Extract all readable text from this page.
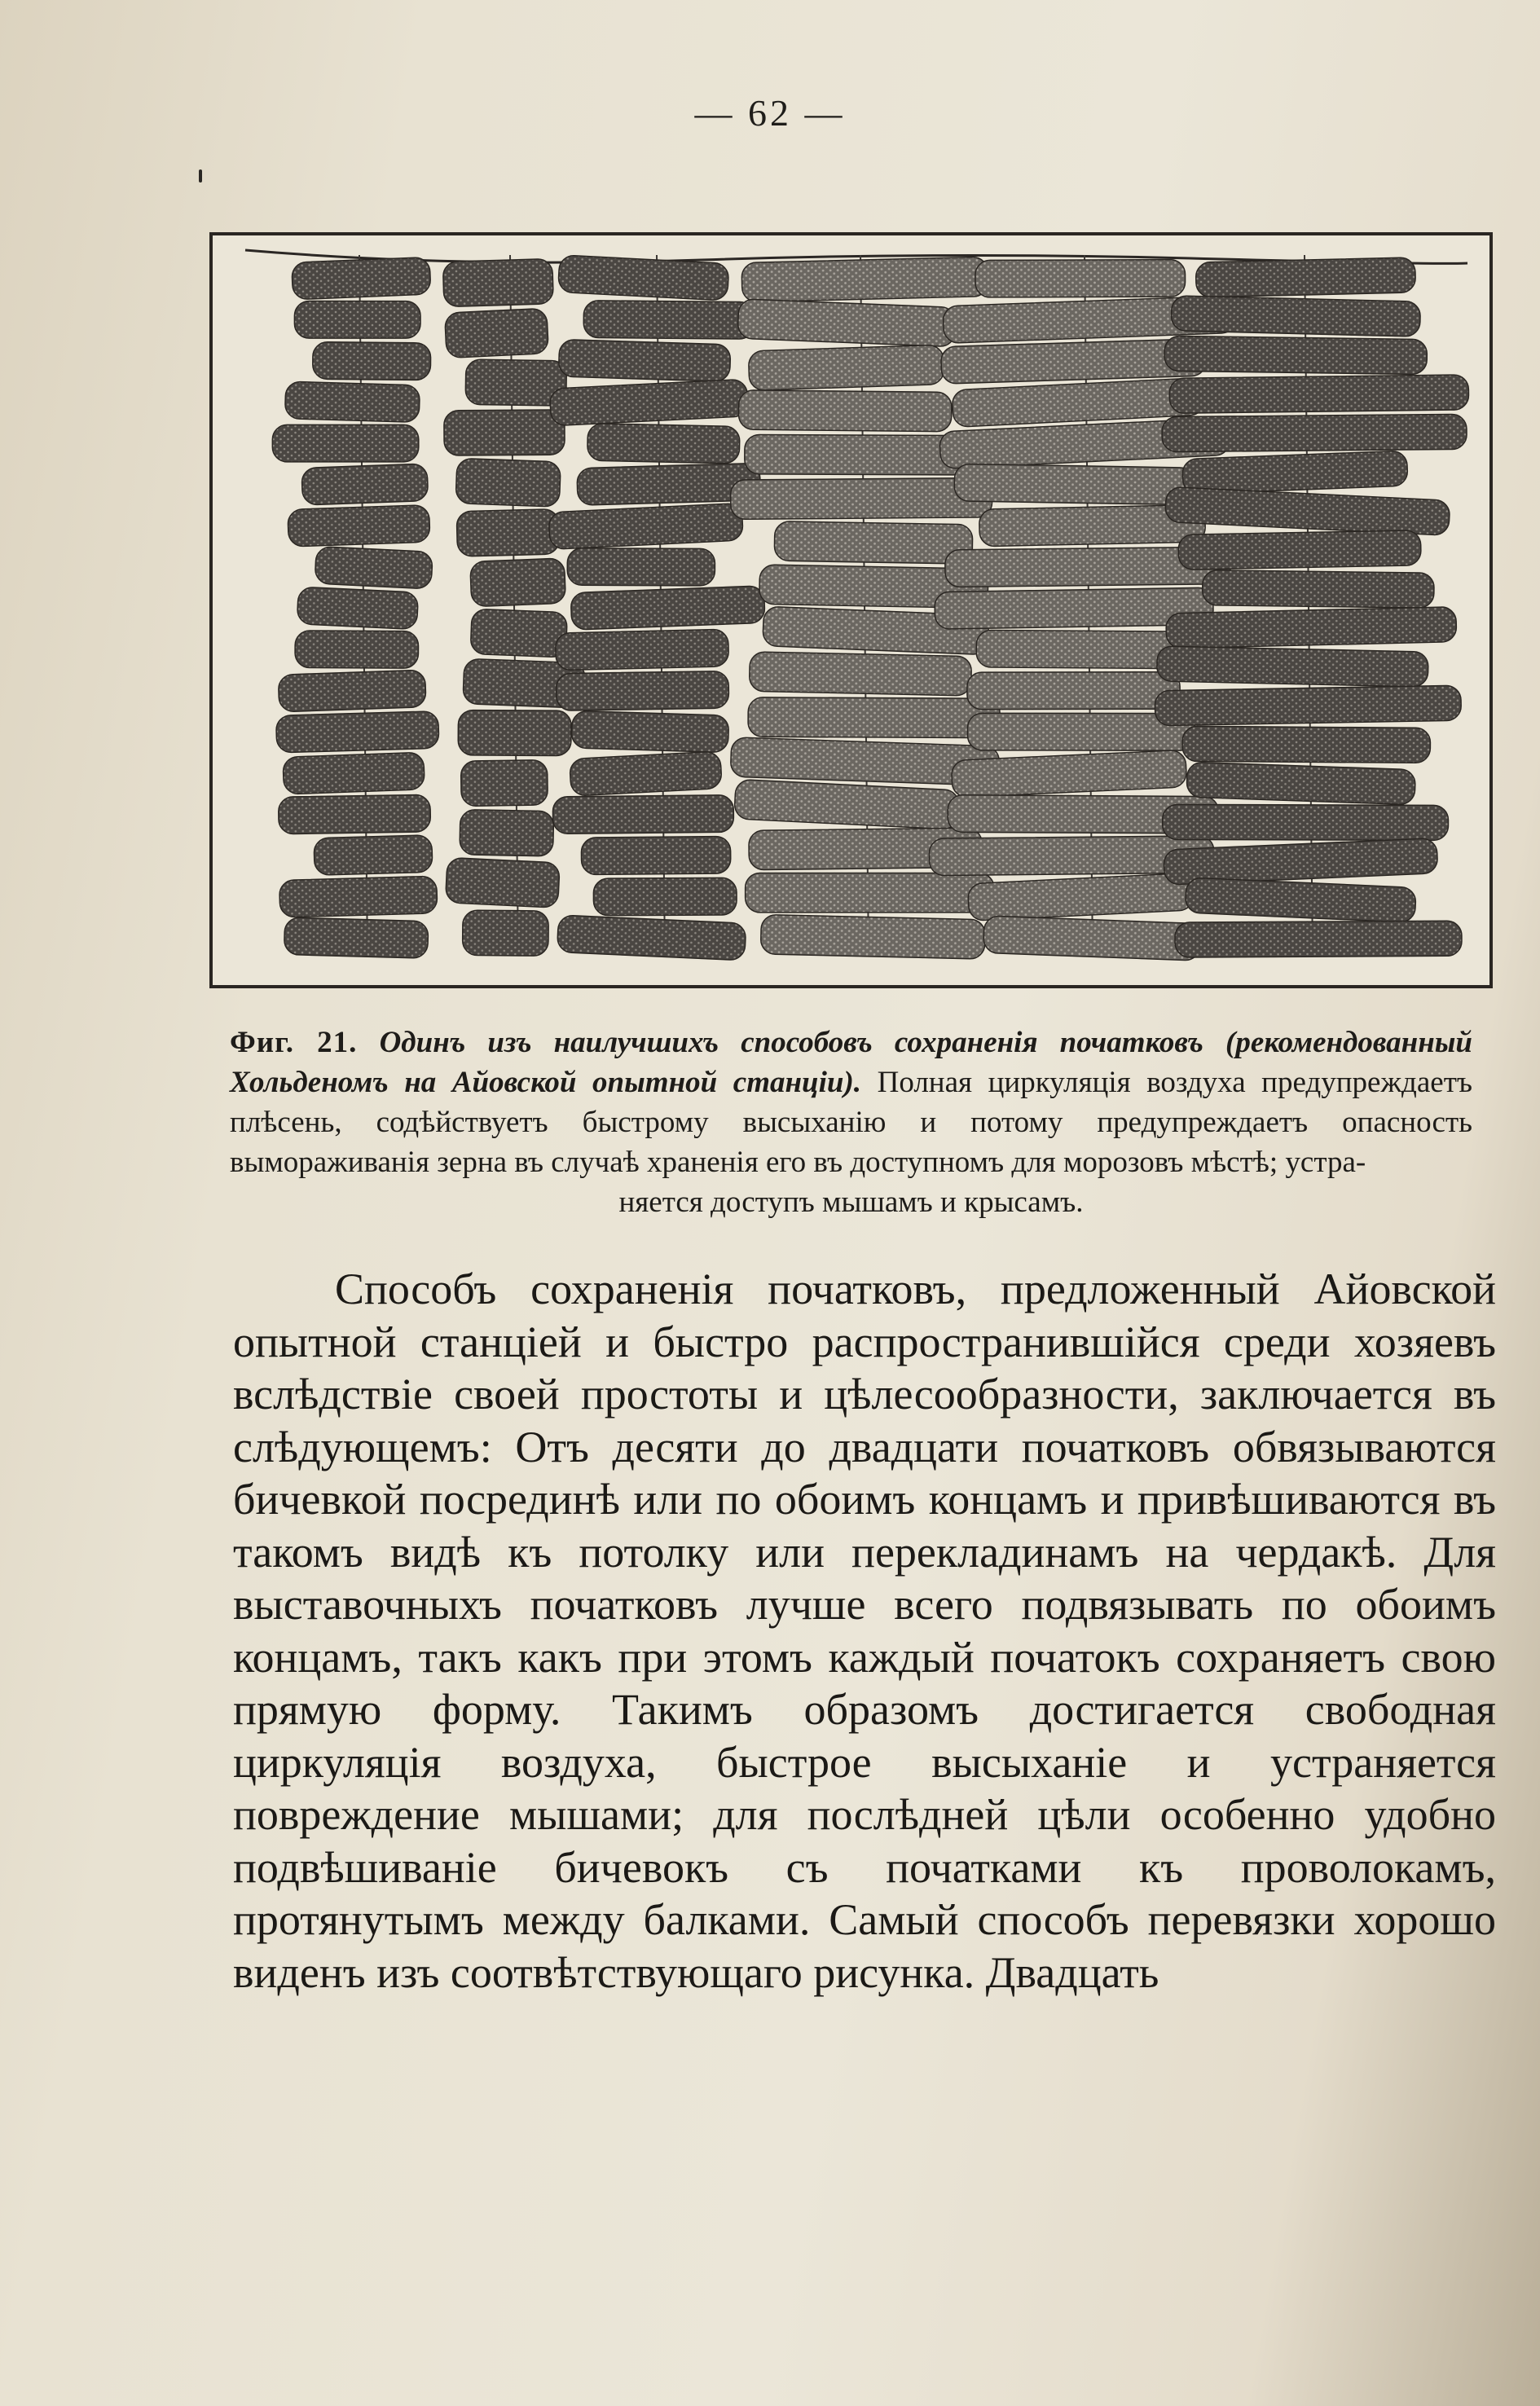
— 62 —
Фиг. 21. Одинъ изъ наилучшихъ способовъ сохраненія початковъ (рекомендованный Хольденомъ на Айовской опытной станціи). Полная циркуляція воздуха предупреждаетъ плѣсень, содѣйствуетъ быстрому высыханію и потому предупреждаетъ опасность вымораживанія зерна въ случаѣ храненія его въ доступномъ для морозовъ мѣстѣ; устра-
няется доступъ мышамъ и крысамъ.

Способъ сохраненія початковъ, предложенный Айовской опытной станціей и быстро распространившійся среди хозяевъ вслѣдствіе своей простоты и цѣлесообразности, заключается въ слѣдующемъ: Отъ десяти до двадцати початковъ обвязываются бичевкой посрединѣ или по обоимъ концамъ и привѣшиваются въ такомъ видѣ къ потолку или перекладинамъ на чердакѣ. Для выставочныхъ початковъ лучше всего подвязывать по обоимъ концамъ, такъ какъ при этомъ каждый початокъ сохраняетъ свою прямую форму. Такимъ образомъ достигается свободная циркуляція воздуха, быстрое высыханіе и устраняется повреждение мышами; для послѣдней цѣли особенно удобно подвѣшиваніе бичевокъ съ початками къ проволокамъ, протянутымъ между балками. Самый способъ перевязки хорошо виденъ изъ соотвѣтствующаго рисунка. Двадцать
